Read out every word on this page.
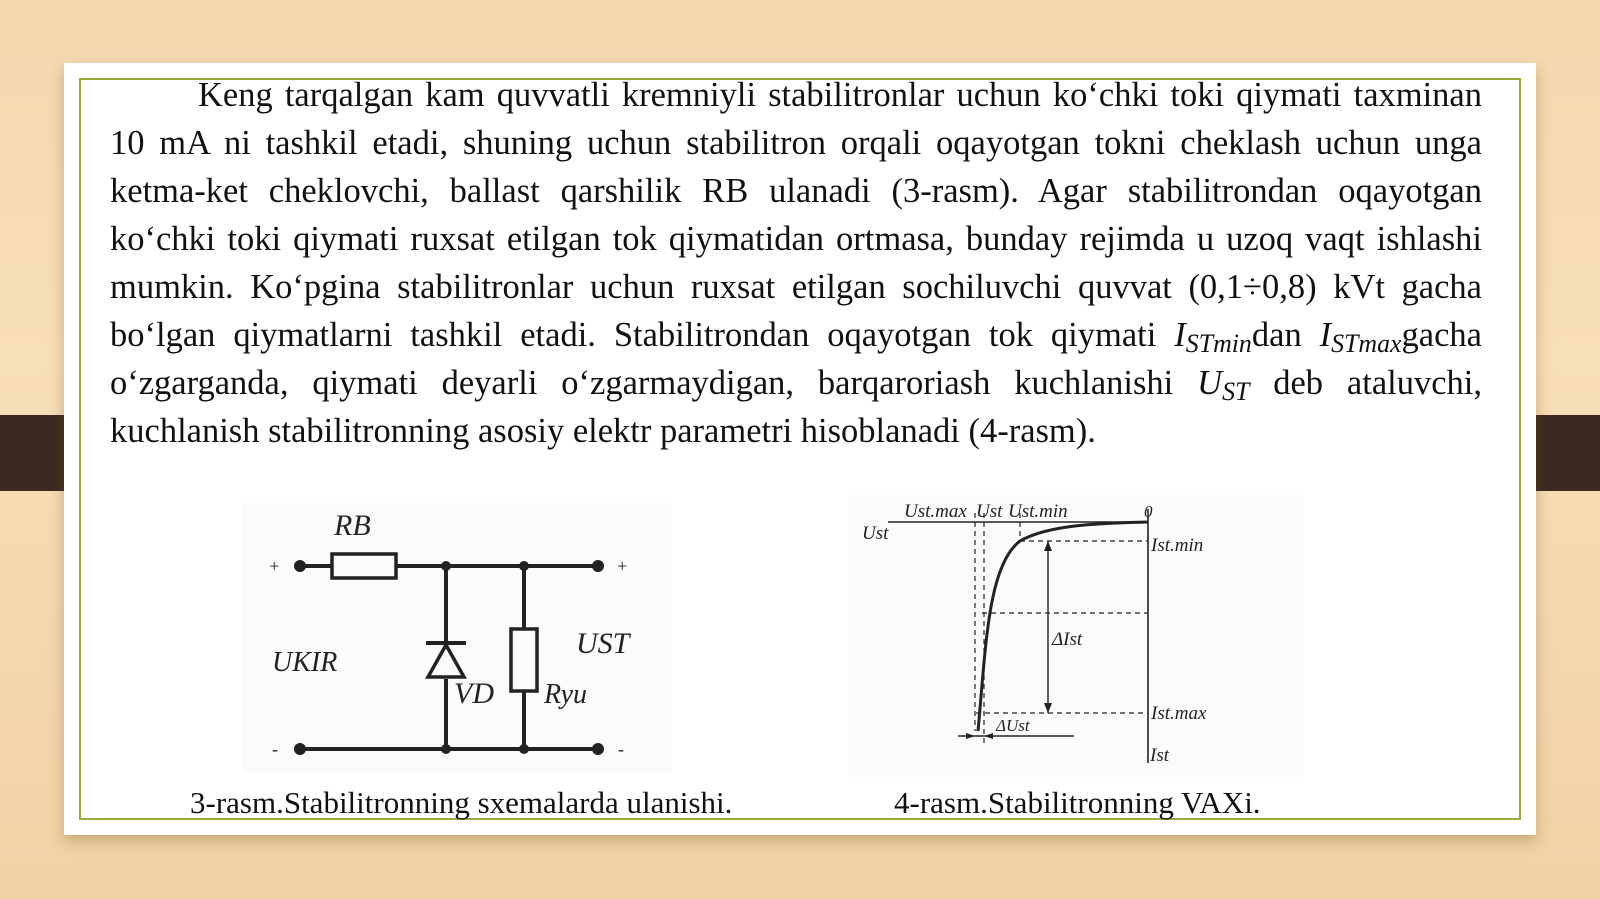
Keng tarqalgan kam quvvatli kremniyli stabilitronlar uchun ko‘chki toki qiymati taxminan 10 mA ni tashkil etadi, shuning uchun stabilitron orqali oqayotgan tokni cheklash uchun unga ketma-ket cheklovchi, ballast qarshilik RB ulanadi (3-rasm). Agar stabilitrondan oqayotgan ko‘chki toki qiymati ruxsat etilgan tok qiymatidan ortmasa, bunday rejimda u uzoq vaqt ishlashi mumkin. Ko‘pgina stabilitronlar uchun ruxsat etilgan sochiluvchi quvvat (0,1÷0,8) kVt gacha bo‘lgan qiymatlarni tashkil etadi. Stabilitrondan oqayotgan tok qiymati $I_{STmin}dan$ $I_{STmax}gacha$ o‘zgarganda, qiymati deyarli o‘zgarmaydigan, barqaroriash kuchlanishi $U_{ST}$ deb ataluvchi, kuchlanish stabilitronning asosiy elektr parametri hisoblanadi (4-rasm).

RB
UKIR
VD Ryu
UST
+	+
-	-
Ust.max Ust Ust.min	0
Ust
Ist.min
ΔIst
Ist.max
ΔUst
Ist
3-rasm.Stabilitronning sxemalarda ulanishi.	4-rasm.Stabilitronning VAXi.
